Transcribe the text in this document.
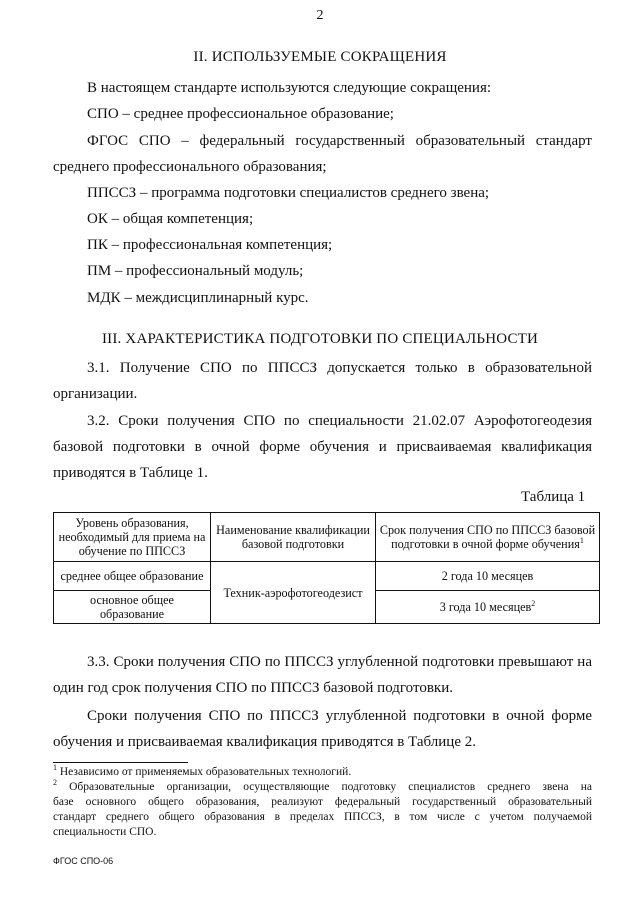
2
II. ИСПОЛЬЗУЕМЫЕ СОКРАЩЕНИЯ
В настоящем стандарте используются следующие сокращения:
СПО – среднее профессиональное образование;
ФГОС СПО – федеральный государственный образовательный стандарт
среднего профессионального образования;
ППССЗ – программа подготовки специалистов среднего звена;
ОК – общая компетенция;
ПК – профессиональная компетенция;
ПМ – профессиональный модуль;
МДК – междисциплинарный курс.
III. ХАРАКТЕРИСТИКА ПОДГОТОВКИ ПО СПЕЦИАЛЬНОСТИ
3.1. Получение СПО по ППССЗ допускается только в образовательной
организации.
3.2. Сроки получения СПО по специальности 21.02.07 Аэрофотогеодезия
базовой подготовки в очной форме обучения и присваиваемая квалификация
приводятся в Таблице 1.
Таблица 1
Уровень образования, необходимый для приема на обучение по ППССЗ	Наименование квалификации базовой подготовки	Срок получения СПО по ППССЗ базовой подготовки в очной форме обучения$^1$
среднее общее образование	Техник-аэрофотогеодезист	2 года 10 месяцев
основное общее образование		3 года 10 месяцев$^2$
3.3. Сроки получения СПО по ППССЗ углубленной подготовки превышают на
один год срок получения СПО по ППССЗ базовой подготовки.
Сроки получения СПО по ППССЗ углубленной подготовки в очной форме
обучения и присваиваемая квалификация приводятся в Таблице 2.
$^1$ Независимо от применяемых образовательных технологий.
$^2$ Образовательные организации, осуществляющие подготовку специалистов среднего звена на
базе основного общего образования, реализуют федеральный государственный образовательный
стандарт среднего общего образования в пределах ППССЗ, в том числе с учетом получаемой
специальности СПО.
ФГОС СПО-06
